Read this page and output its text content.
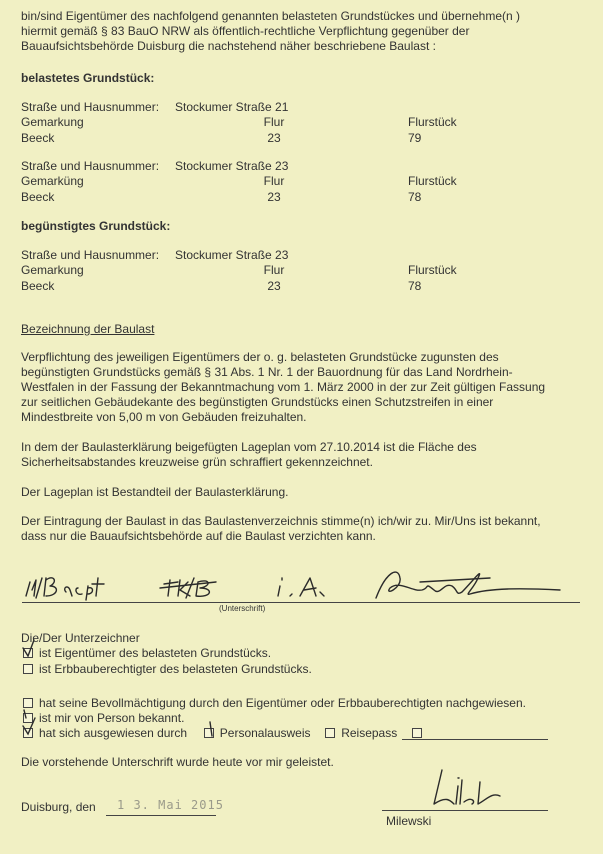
bin/sind Eigentümer des nachfolgend genannten belasteten Grundstückes und übernehme(n )
hiermit gemäß § 83 BauO NRW als öffentlich-rechtliche Verpflichtung gegenüber der
Bauaufsichtsbehörde Duisburg die nachstehend näher beschriebene Baulast :
belastetes Grundstück:
Straße und Hausnummer: Stockumer Straße 21
Gemarkung	Flur	Flurstück
Beeck	23	79
Straße und Hausnummer: Stockumer Straße 23
Gemarküng	Flur	Flurstück
Beeck	23	78
begünstigtes Grundstück:
Straße und Hausnummer: Stockumer Straße 23
Gemarkung	Flur	Flurstück
Beeck	23	78
Bezeichnung der Baulast
Verpflichtung des jeweiligen Eigentümers der o. g. belasteten Grundstücke zugunsten des
begünstigten Grundstücks gemäß § 31 Abs. 1 Nr. 1 der Bauordnung für das Land Nordrhein-
Westfalen in der Fassung der Bekanntmachung vom 1. März 2000 in der zur Zeit gültigen Fassung
zur seitlichen Gebäudekante des begünstigten Grundstücks einen Schutzstreifen in einer
Mindestbreite von 5,00 m von Gebäuden freizuhalten.
In dem der Baulasterklärung beigefügten Lageplan vom 27.10.2014 ist die Fläche des
Sicherheitsabstandes kreuzweise grün schraffiert gekennzeichnet.
Der Lageplan ist Bestandteil der Baulasterklärung.
Der Eintragung der Baulast in das Baulastenverzeichnis stimme(n) ich/wir zu. Mir/Uns ist bekannt,
dass nur die Bauaufsichtsbehörde auf die Baulast verzichten kann.
(Unterschrift)
Die/Der Unterzeichner
ist Eigentümer des belasteten Grundstücks.
ist Erbbauberechtigter des belasteten Grundstücks.
hat seine Bevollmächtigung durch den Eigentümer oder Erbbauberechtigten nachgewiesen.
ist mir von Person bekannt.
hat sich ausgewiesen durch	Personalausweis	Reisepass
Die vorstehende Unterschrift wurde heute vor mir geleistet.
Duisburg, den 1 3. Mai 2015
Milewski
